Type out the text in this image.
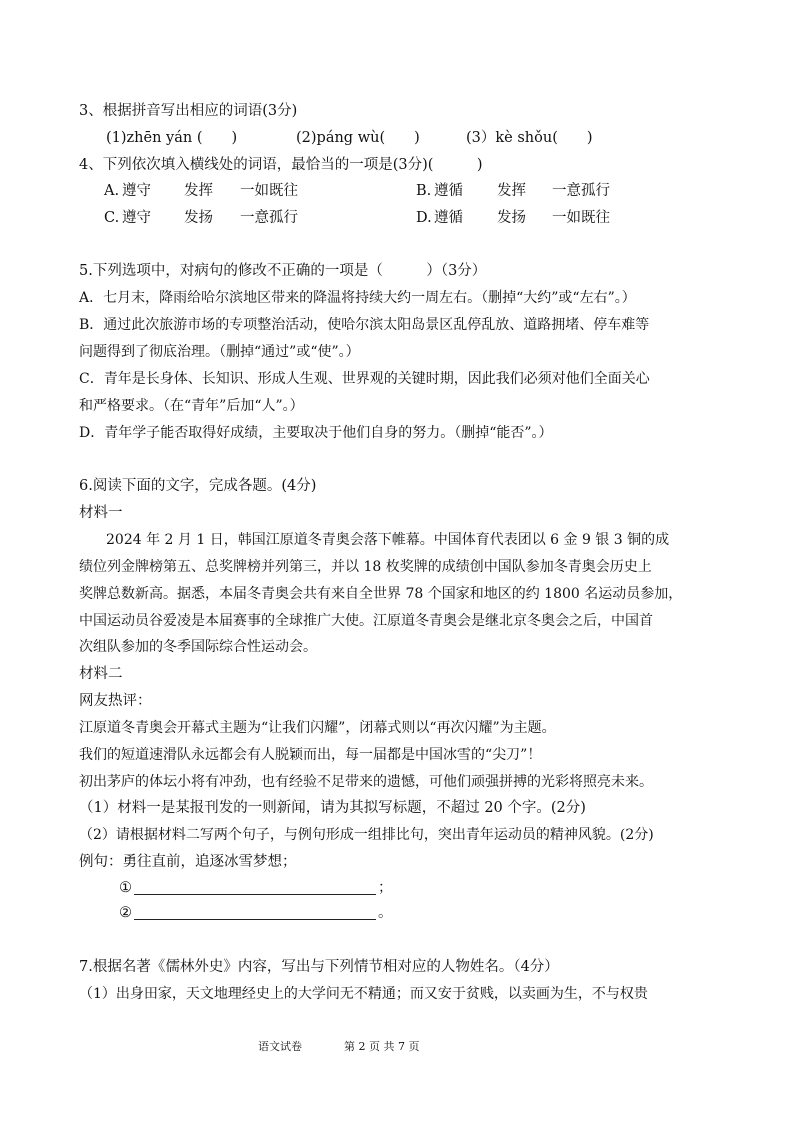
3、根据拼音写出相应的词语(3分)
(1)zhēn yán (　　)	(2)páng wù(　　)	(3）kè shǒu(　　)
4、下列依次填入横线处的词语，最恰当的一项是(3分)(　　　)
A. 遵守 发挥 一如既往	B. 遵循 发挥 一意孤行
C. 遵守 发扬 一意孤行	D. 遵循 发扬 一如既往
5.下列选项中，对病句的修改不正确的一项是（　　　）（3分）
A．七月末，降雨给哈尔滨地区带来的降温将持续大约一周左右。（删掉“大约”或“左右”。）
B．通过此次旅游市场的专项整治活动，使哈尔滨太阳岛景区乱停乱放、道路拥堵、停车难等
问题得到了彻底治理。（删掉“通过”或“使”。）
C．青年是长身体、长知识、形成人生观、世界观的关键时期，因此我们必须对他们全面关心
和严格要求。（在“青年”后加“人”。）
D．青年学子能否取得好成绩，主要取决于他们自身的努力。（删掉“能否”。）
6.阅读下面的文字，完成各题。(4分)
材料一
2024 年 2 月 1 日，韩国江原道冬青奥会落下帷幕。中国体育代表团以 6 金 9 银 3 铜的成
绩位列金牌榜第五、总奖牌榜并列第三，并以 18 枚奖牌的成绩创中国队参加冬青奥会历史上
奖牌总数新高。据悉，本届冬青奥会共有来自全世界 78 个国家和地区的约 1800 名运动员参加，
中国运动员谷爱凌是本届赛事的全球推广大使。江原道冬青奥会是继北京冬奥会之后，中国首
次组队参加的冬季国际综合性运动会。
材料二
网友热评：
江原道冬青奥会开幕式主题为“让我们闪耀”，闭幕式则以“再次闪耀”为主题。
我们的短道速滑队永远都会有人脱颖而出，每一届都是中国冰雪的“尖刀”！
初出茅庐的体坛小将有冲劲，也有经验不足带来的遗憾，可他们顽强拼搏的光彩将照亮未来。
（1）材料一是某报刊发的一则新闻，请为其拟写标题，不超过 20 个字。(2分)
（2）请根据材料二写两个句子，与例句形成一组排比句，突出青年运动员的精神风貌。(2分)
例句：勇往直前，追逐冰雪梦想；
①	；
②	。
7.根据名著《儒林外史》内容，写出与下列情节相对应的人物姓名。（4分）
（1）出身田家，天文地理经史上的大学问无不精通；而又安于贫贱，以卖画为生，不与权贵
语文试卷	第 2 页 共 7 页
